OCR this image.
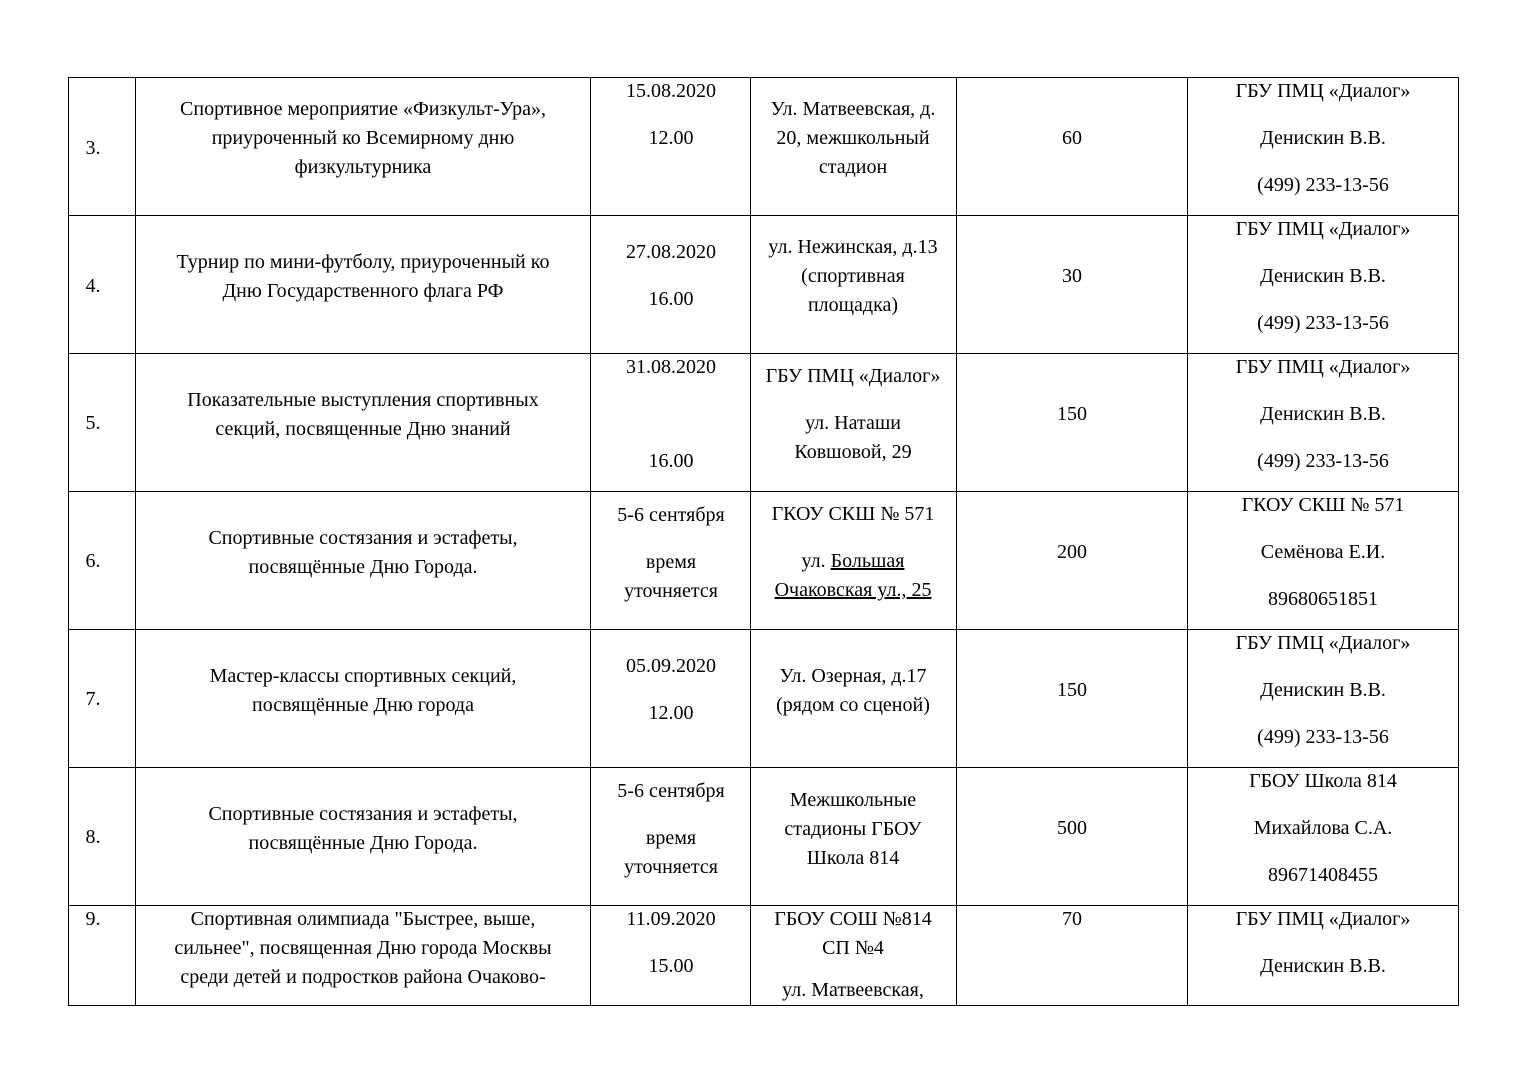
3.
Спортивное мероприятие «Физкульт-Ура»,
приуроченный ко Всемирному дню
физкультурника
15.08.2020
12.00
Ул. Матвеевская, д.
20, межшкольный
стадион
60
ГБУ ПМЦ «Диалог»
Денискин В.В.
(499) 233-13-56
4.
Турнир по мини-футболу, приуроченный ко
Дню Государственного флага РФ
27.08.2020
16.00
ул. Нежинская, д.13
(спортивная
площадка)
30
ГБУ ПМЦ «Диалог»
Денискин В.В.
(499) 233-13-56
5.
Показательные выступления спортивных
секций, посвященные Дню знаний
31.08.2020
16.00
ГБУ ПМЦ «Диалог»
ул. Наташи
Ковшовой, 29
150
ГБУ ПМЦ «Диалог»
Денискин В.В.
(499) 233-13-56
6.
Спортивные состязания и эстафеты,
посвящённые Дню Города.
5-6 сентября
время
уточняется
ГКОУ СКШ № 571
ул. Большая
Очаковская ул., 25
200
ГКОУ СКШ № 571
Семёнова Е.И.
89680651851
7.
Мастер-классы спортивных секций,
посвящённые Дню города
05.09.2020
12.00
Ул. Озерная, д.17
(рядом со сценой)
150
ГБУ ПМЦ «Диалог»
Денискин В.В.
(499) 233-13-56
8.
Спортивные состязания и эстафеты,
посвящённые Дню Города.
5-6 сентября
время
уточняется
Межшкольные
стадионы ГБОУ
Школа 814
500
ГБОУ Школа 814
Михайлова С.А.
89671408455
9.	Спортивная олимпиада "Быстрее, выше,
сильнее", посвященная Дню города Москвы
среди детей и подростков района Очаково-
11.09.2020
15.00
ГБОУ СОШ №814
СП №4
ул. Матвеевская,
70	ГБУ ПМЦ «Диалог»
Денискин В.В.
